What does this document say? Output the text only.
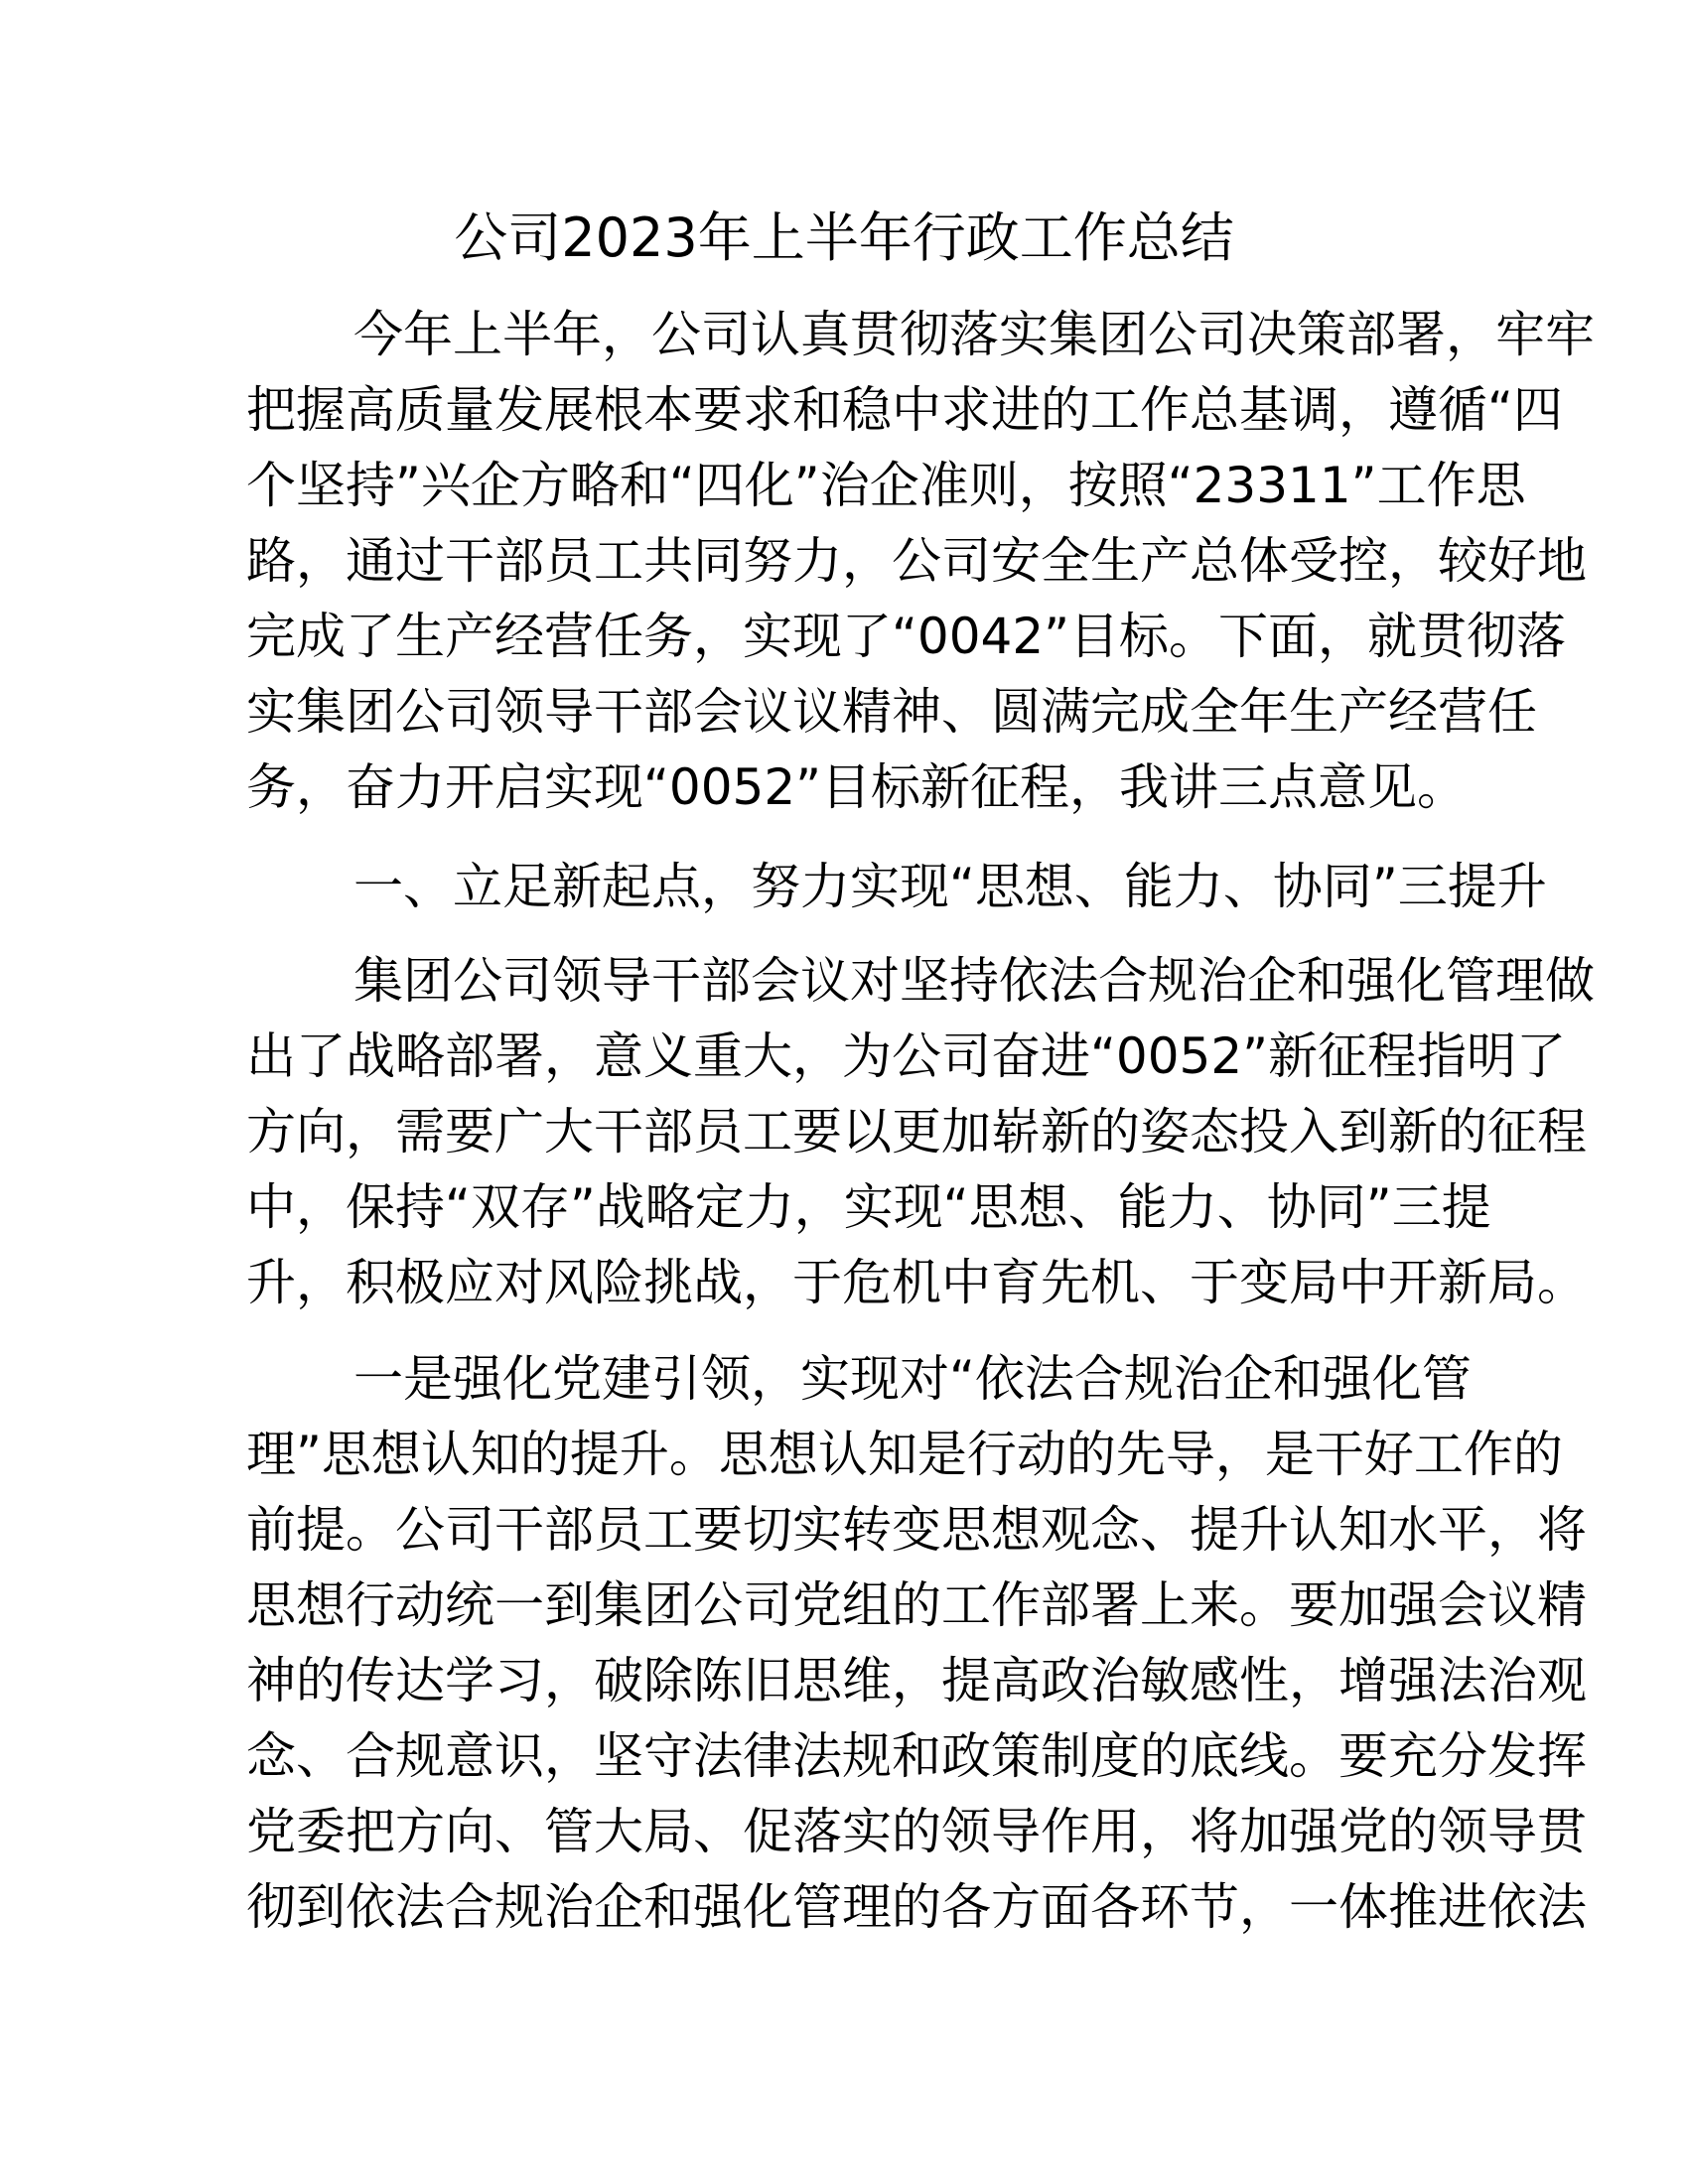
公司2023年上半年行政工作总结
今年上半年，公司认真贯彻落实集团公司决策部署，牢牢
把握高质量发展根本要求和稳中求进的工作总基调，遵循“四
个坚持”兴企方略和“四化”治企准则，按照“23311”工作思
路，通过干部员工共同努力，公司安全生产总体受控，较好地
完成了生产经营任务，实现了“0042”目标。下面，就贯彻落
实集团公司领导干部会议议精神、圆满完成全年生产经营任
务，奋力开启实现“0052”目标新征程，我讲三点意见。
一、立足新起点，努力实现“思想、能力、协同”三提升
集团公司领导干部会议对坚持依法合规治企和强化管理做
出了战略部署，意义重大，为公司奋进“0052”新征程指明了
方向，需要广大干部员工要以更加崭新的姿态投入到新的征程
中，保持“双存”战略定力，实现“思想、能力、协同”三提
升，积极应对风险挑战，于危机中育先机、于变局中开新局。
一是强化党建引领，实现对“依法合规治企和强化管
理”思想认知的提升。思想认知是行动的先导，是干好工作的
前提。公司干部员工要切实转变思想观念、提升认知水平，将
思想行动统一到集团公司党组的工作部署上来。要加强会议精
神的传达学习，破除陈旧思维，提高政治敏感性，增强法治观
念、合规意识，坚守法律法规和政策制度的底线。要充分发挥
党委把方向、管大局、促落实的领导作用，将加强党的领导贯
彻到依法合规治企和强化管理的各方面各环节，一体推进依法
